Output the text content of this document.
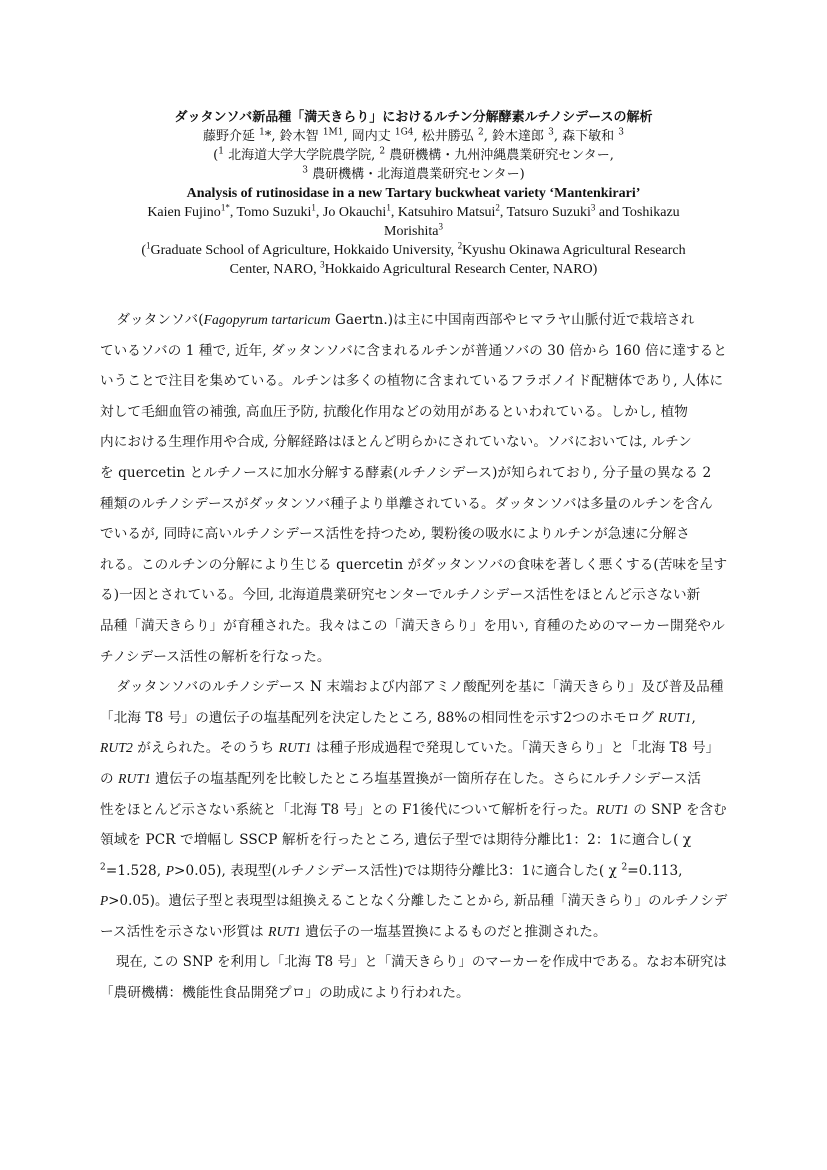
ダッタンソバ新品種「満天きらり」におけるルチン分解酵素ルチノシデースの解析
藤野介延 $^1$*, 鈴木智 $^{1M1}$, 岡内丈 $^{1G4}$, 松井勝弘 $^2$, 鈴木達郎 $^3$, 森下敏和 $^3$
($^1$ 北海道大学大学院農学院, $^2$ 農研機構・九州沖縄農業研究センター,
$^3$ 農研機構・北海道農業研究センター)
Analysis of rutinosidase in a new Tartary buckwheat variety ‘Mantenkirari’
Kaien Fujino$^{1*}$, Tomo Suzuki$^1$, Jo Okauchi$^1$, Katsuhiro Matsui$^2$, Tatsuro Suzuki$^3$ and Toshikazu
Morishita$^3$
($^1$Graduate School of Agriculture, Hokkaido University, $^2$Kyushu Okinawa Agricultural Research
Center, NARO, $^3$Hokkaido Agricultural Research Center, NARO)
ダッタンソバ(Fagopyrum tartaricum Gaertn.)は主に中国南西部やヒマラヤ山脈付近で栽培され
ているソバの 1 種で, 近年, ダッタンソバに含まれるルチンが普通ソバの 30 倍から 160 倍に達すると
いうことで注目を集めている。ルチンは多くの植物に含まれているフラボノイド配糖体であり, 人体に
対して毛細血管の補強, 高血圧予防, 抗酸化作用などの効用があるといわれている。しかし, 植物
内における生理作用や合成, 分解経路はほとんど明らかにされていない。ソバにおいては, ルチン
を quercetin とルチノースに加水分解する酵素(ルチノシデース)が知られており, 分子量の異なる 2
種類のルチノシデースがダッタンソバ種子より単離されている。ダッタンソバは多量のルチンを含ん
でいるが, 同時に高いルチノシデース活性を持つため, 製粉後の吸水によりルチンが急速に分解さ
れる。このルチンの分解により生じる quercetin がダッタンソバの食味を著しく悪くする(苦味を呈す
る)一因とされている。今回, 北海道農業研究センターでルチノシデース活性をほとんど示さない新
品種「満天きらり」が育種された。我々はこの「満天きらり」を用い, 育種のためのマーカー開発やル
チノシデース活性の解析を行なった。
ダッタンソバのルチノシデース N 末端および内部アミノ酸配列を基に「満天きらり」及び普及品種
「北海 T8 号」の遺伝子の塩基配列を決定したところ, 88%の相同性を示す2つのホモログ RUT1,
RUT2 がえられた。そのうち RUT1 は種子形成過程で発現していた。「満天きらり」と「北海 T8 号」
の RUT1 遺伝子の塩基配列を比較したところ塩基置換が一箇所存在した。さらにルチノシデース活
性をほとんど示さない系統と「北海 T8 号」との F1後代について解析を行った。RUT1 の SNP を含む
領域を PCR で増幅し SSCP 解析を行ったところ, 遺伝子型では期待分離比1：2：1に適合し( χ
$^2$=1.528, P>0.05), 表現型(ルチノシデース活性)では期待分離比3：1に適合した( χ $^2$=0.113,
P>0.05)。遺伝子型と表現型は組換えることなく分離したことから, 新品種「満天きらり」のルチノシデ
ース活性を示さない形質は RUT1 遺伝子の一塩基置換によるものだと推測された。
現在, この SNP を利用し「北海 T8 号」と「満天きらり」のマーカーを作成中である。なお本研究は
「農研機構：機能性食品開発プロ」の助成により行われた。
